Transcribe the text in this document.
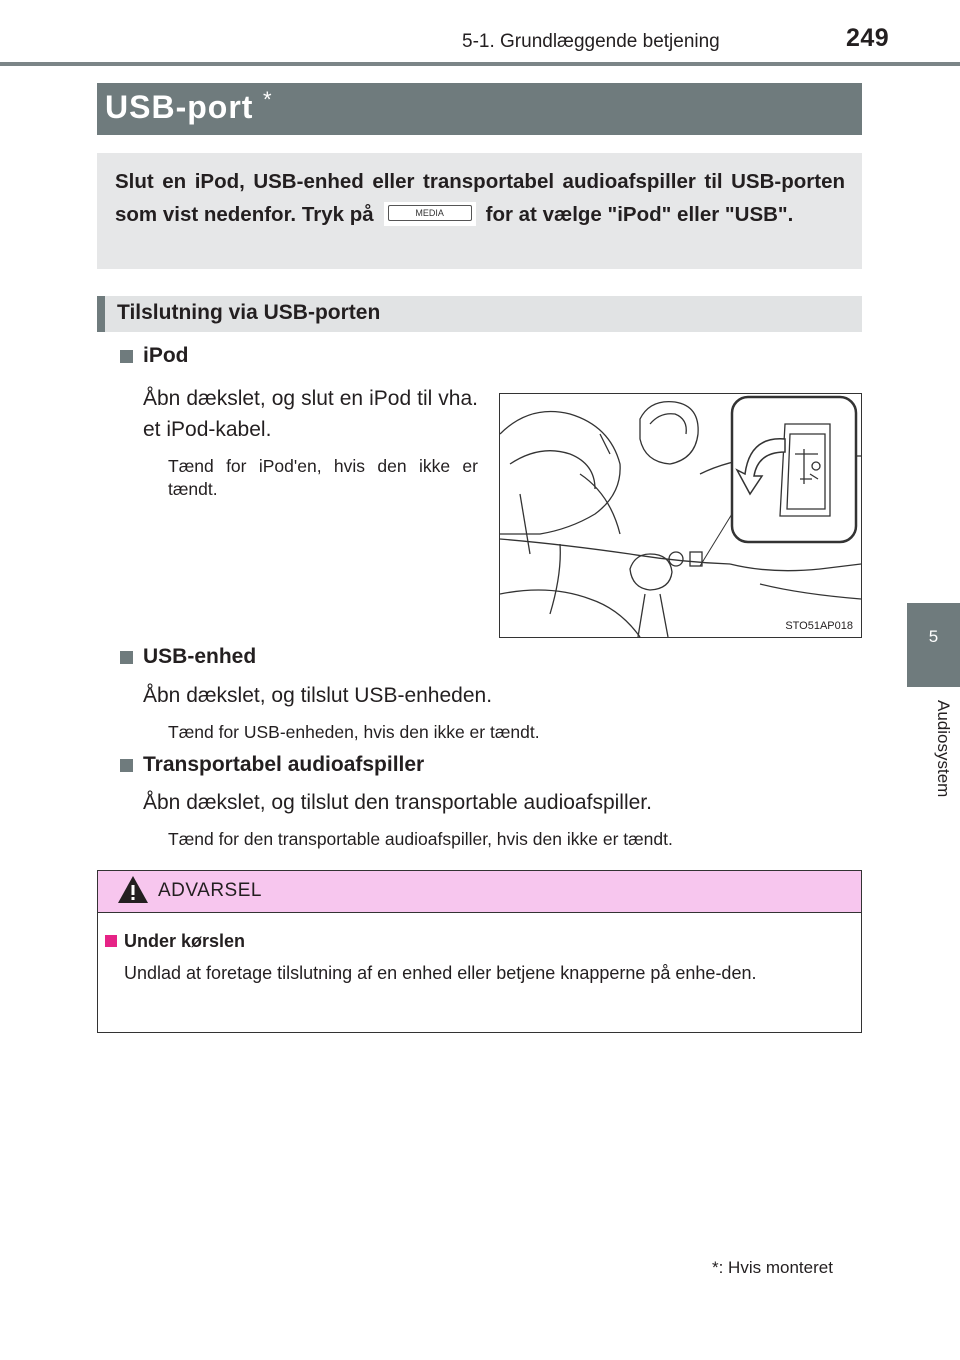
5-1. Grundlæggende betjening	249
USB-port *
Slut en iPod, USB-enhed eller transportabel audioafspiller til USB-porten som vist nedenfor. Tryk på	MEDIA	for at vælge "iPod" eller "USB".
Tilslutning via USB-porten
iPod
Åbn dækslet, og slut en iPod til vha. et iPod-kabel.
Tænd for iPod'en, hvis den ikke er tændt.
STO51AP018
USB-enhed
Åbn dækslet, og tilslut USB-enheden.
Tænd for USB-enheden, hvis den ikke er tændt.
Transportabel audioafspiller
Åbn dækslet, og tilslut den transportable audioafspiller.
Tænd for den transportable audioafspiller, hvis den ikke er tændt.
ADVARSEL
Under kørslen
Undlad at foretage tilslutning af en enhed eller betjene knapperne på enhe-den.
5
Audiosystem
*: Hvis monteret
